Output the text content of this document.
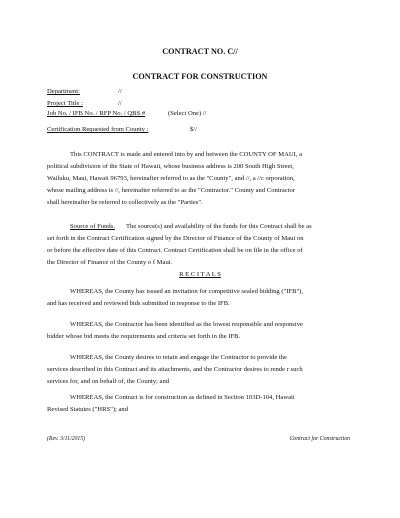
CONTRACT NO. C//
CONTRACT FOR CONSTRUCTION
Department:	//
Project Title :	//
Job No. / IFB No. / RFP No. / QBS #	(Select One) //
Certification Requested from County :	$//
This CONTRACT is made and entered into by and between the COUNTY OF MAUI, a
political subdivision of the State of Hawaii, whose business address is 200 South High Street,
Wailuku, Maui, Hawaii 96793, hereinafter referred to as the "County", and //, a //c orporation,
whose mailing address is //, hereinafter referred to as the "Contractor." County and Contractor
shall hereinafter be referred to collectively as the "Parties".
Source of Funds. The source(s) and availability of the funds for this Contract shall be as
set forth in the Contract Certification signed by the Director of Finance of the County of Maui on
or before the effective date of this Contract. Contract Certification shall be on file in the office of
the Director of Finance of the County o f Maui.
R E C I T A L S
WHEREAS, the County has issued an invitation for competitive sealed bidding ("IFB"),
and has received and reviewed bids submitted in response to the IFB.
WHEREAS, the Contractor has been identified as the lowest responsible and responsive
bidder whose bid meets the requirements and criteria set forth in the IFB.
WHEREAS, the County desires to retain and engage the Contractor to provide the
services described in this Contract and its attachments, and the Contractor desires to rende r such
services for, and on behalf of, the County; and
WHEREAS, the Contract is for construction as defined in Section 103D-104, Hawaii
Revised Statutes ("HRS"); and
(Rev. 3/11/2015)	Contract for Construction
